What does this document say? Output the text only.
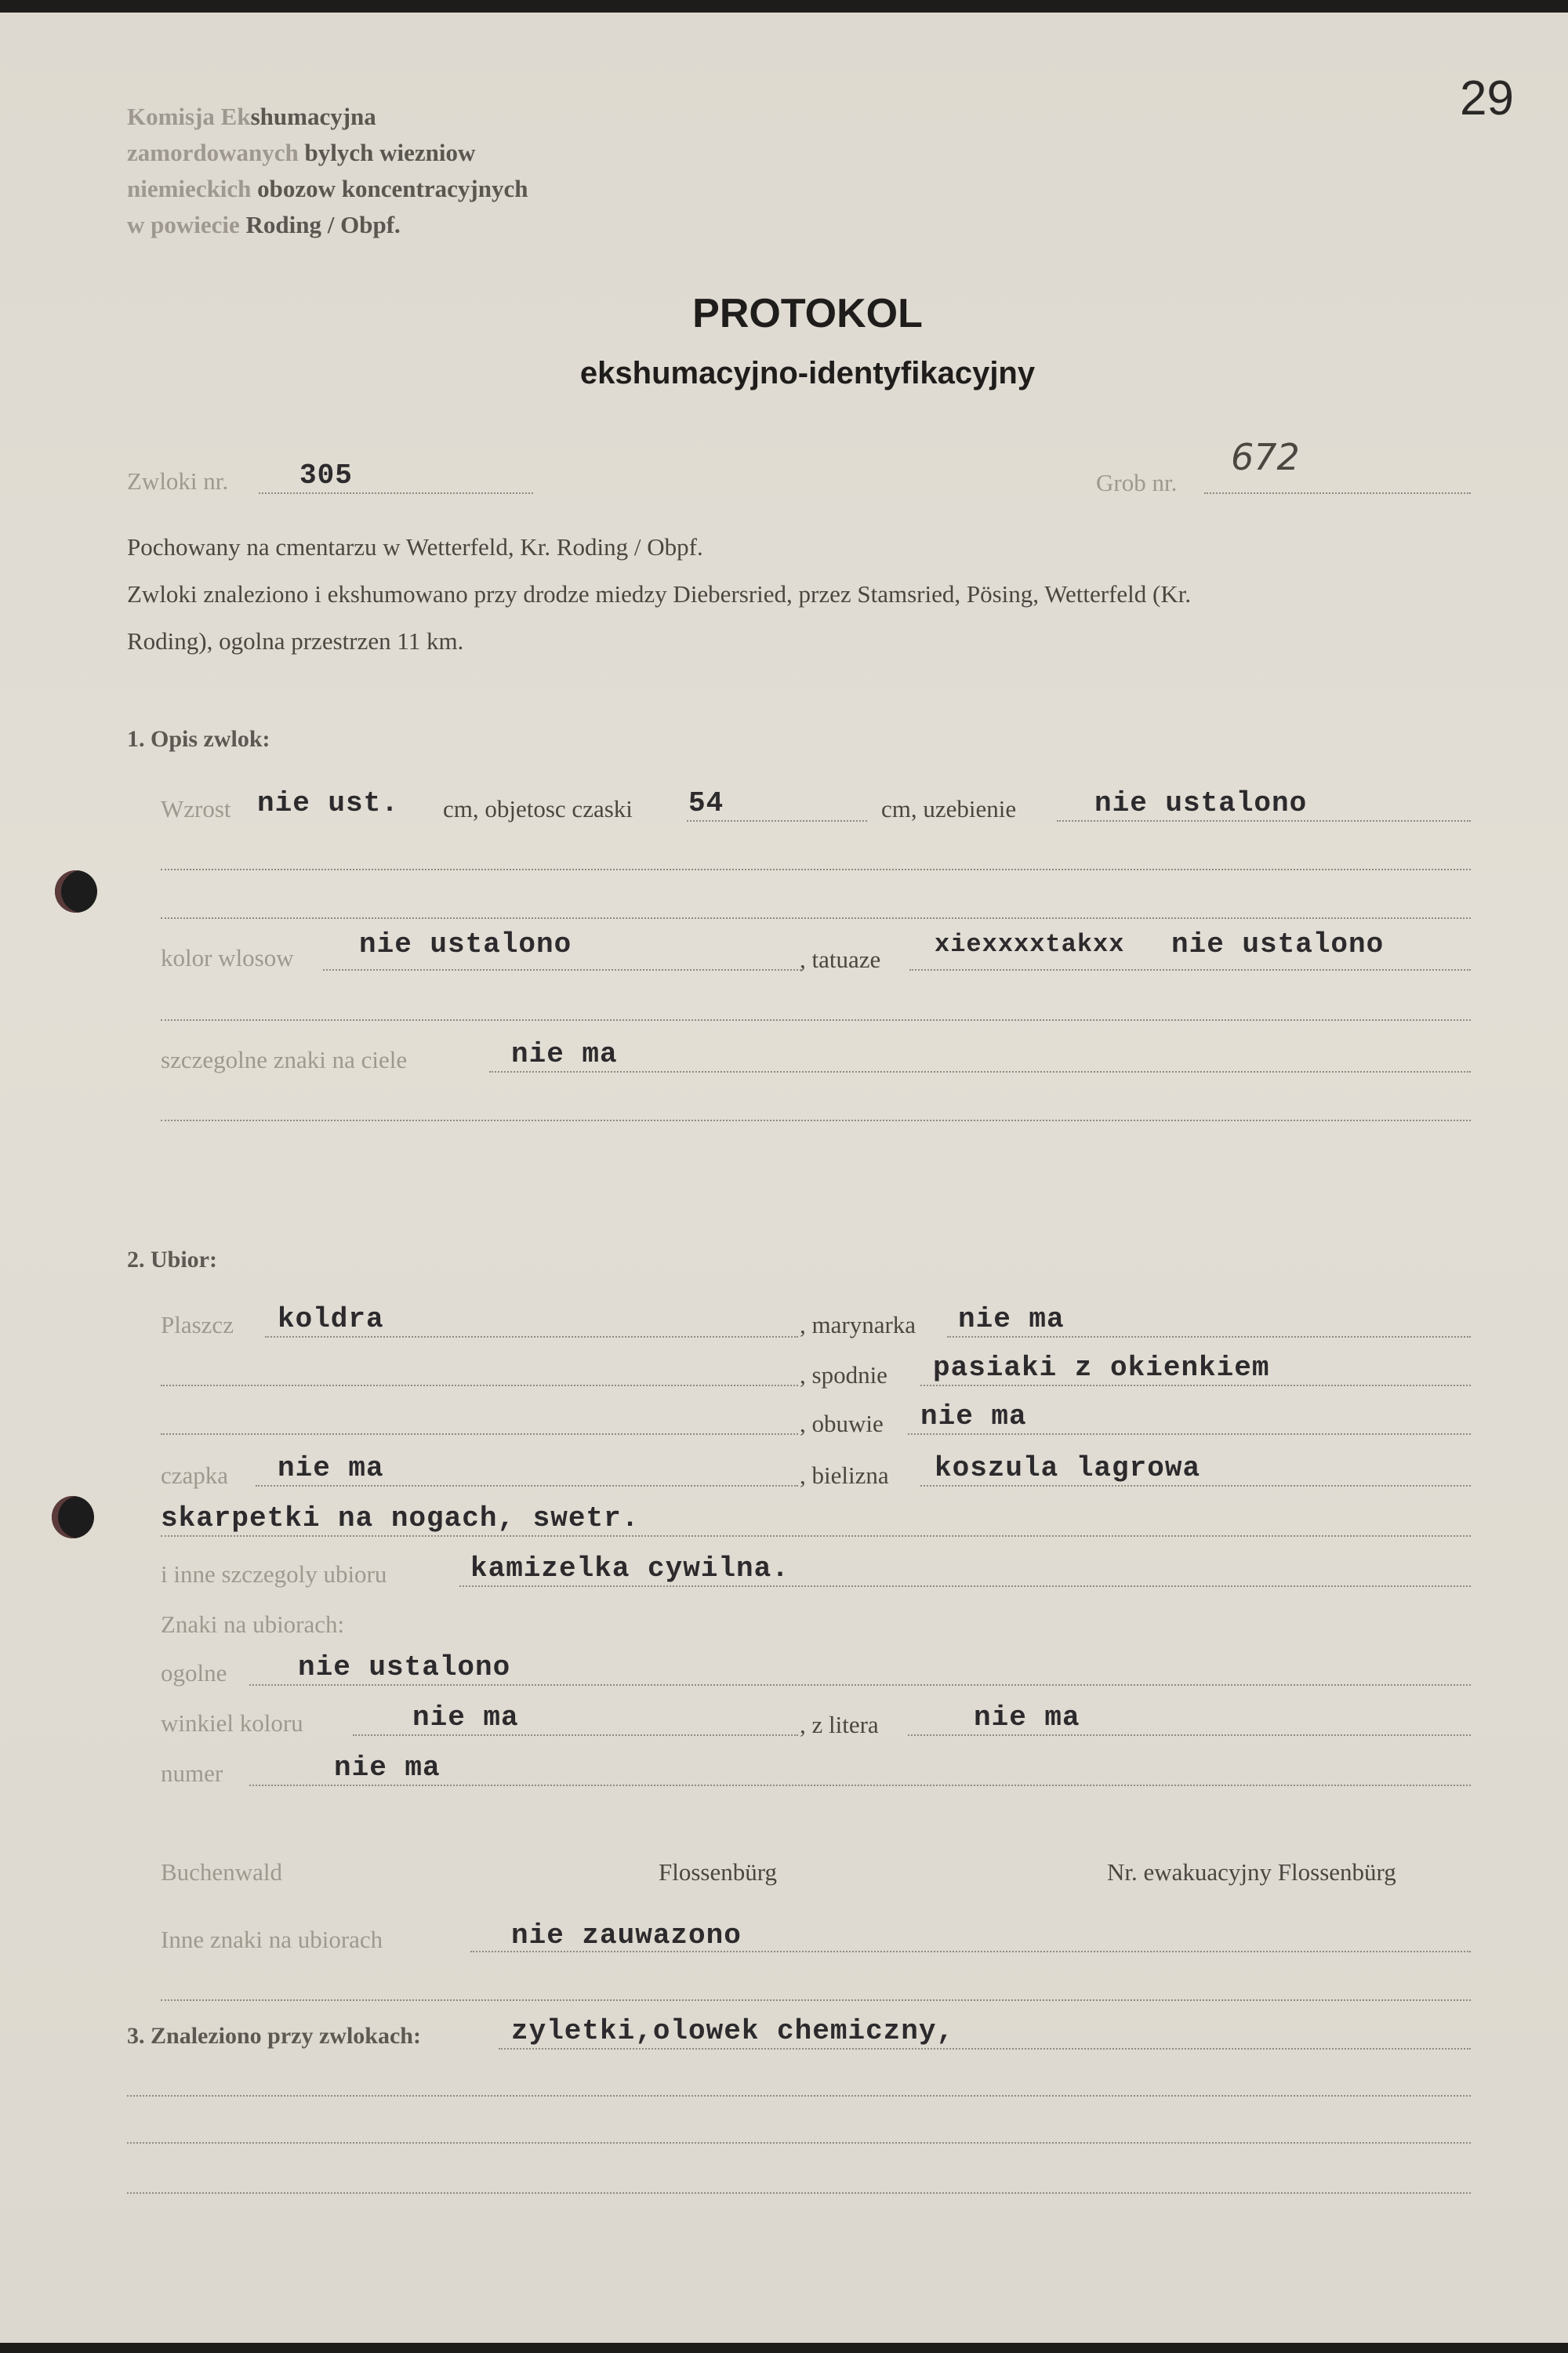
29
Komisja Ekshumacyjna
zamordowanych bylych wiezniow
niemieckich obozow koncentracyjnych
w powiecie Roding / Obpf.
PROTOKOL
ekshumacyjno-identyfikacyjny
Zwloki nr.	305	Grob nr.
672
Pochowany na cmentarzu w Wetterfeld, Kr. Roding / Obpf.
Zwloki znaleziono i ekshumowano przy drodze miedzy Diebersried, przez Stamsried, Pösing, Wetterfeld (Kr.
Roding), ogolna przestrzen 11 km.
1. Opis zwlok:
Wzrost nie ust. cm, objetosc czaski 54	cm, uzebienie	nie ustalono
kolor wlosow nie ustalono	, tatuaze
xiexxxxtakxx nie ustalono
szczegolne znaki na ciele	nie ma
2. Ubior:
Plaszcz koldra	, marynarka nie ma
, spodnie pasiaki z okienkiem
, obuwie nie ma
czapka nie ma	, bielizna koszula lagrowa
skarpetki na nogach, swetr.
i inne szczegoly ubioru	kamizelka cywilna.
Znaki na ubiorach:
ogolne	nie ustalono
winkiel koloru	nie ma	, z litera	nie ma
numer	nie ma
Buchenwald	Flossenbürg	Nr. ewakuacyjny Flossenbürg
Inne znaki na ubiorach	nie zauwazono
3. Znaleziono przy zwlokach:	zyletki,olowek chemiczny,
